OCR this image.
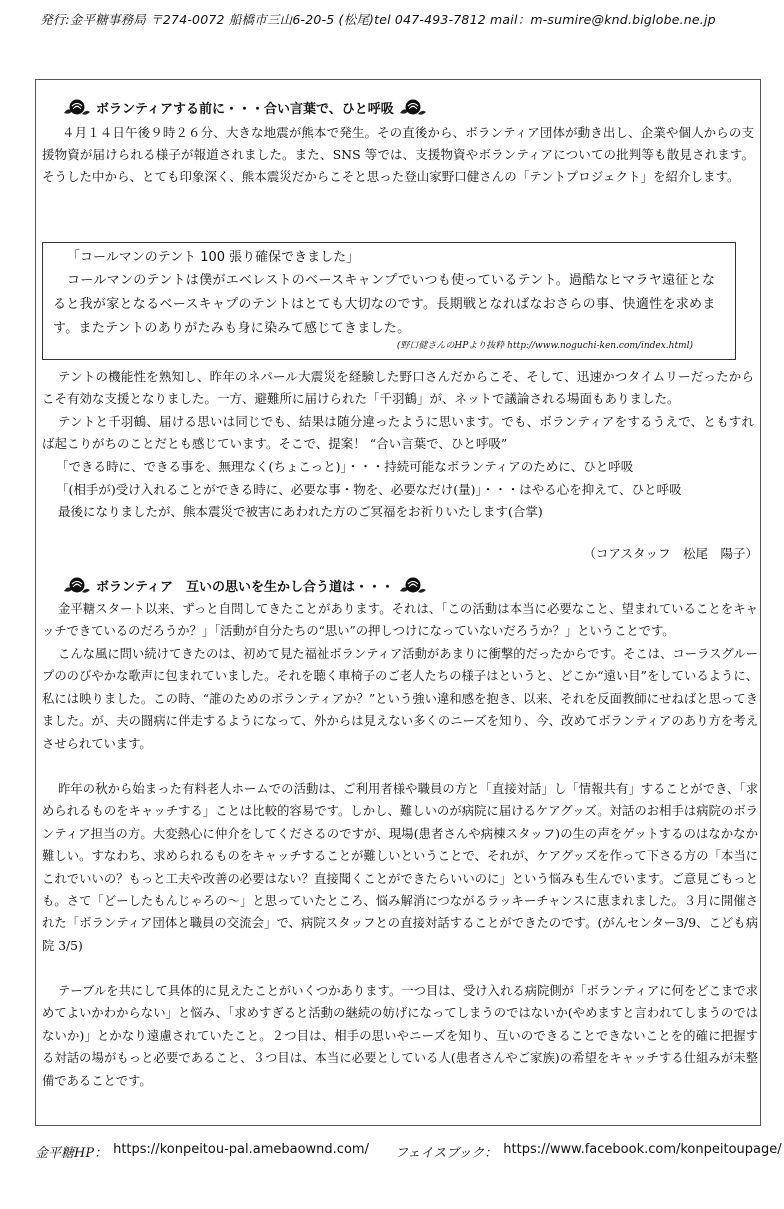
発行:金平糖事務局 〒274-0072 船橋市三山6-20-5 (松尾)tel 047-493-7812 mail：m-sumire@knd.biglobe.ne.jp
ボランティアする前に・・・合い言葉で、ひと呼吸
４月１４日午後９時２６分、大きな地震が熊本で発生。その直後から、ボランティア団体が動き出し、企業や個人からの支援物資が届けられる様子が報道されました。また、SNS 等では、支援物資やボランティアについての批判等も散見されます。そうした中から、とても印象深く、熊本震災だからこそと思った登山家野口健さんの「テントプロジェクト」を紹介します。
「コールマンのテント 100 張り確保できました」
コールマンのテントは僕がエベレストのベースキャンプでいつも使っているテント。過酷なヒマラヤ遠征となると我が家となるベースキャプのテントはとても大切なのです。長期戦となればなおさらの事、快適性を求めます。またテントのありがたみも身に染みて感じてきました。
(野口健さんのHPより抜粋 http://www.noguchi-ken.com/index.html)
テントの機能性を熟知し、昨年のネパール大震災を経験した野口さんだからこそ、そして、迅速かつタイムリーだったからこそ有効な支援となりました。一方、避難所に届けられた「千羽鶴」が、ネットで議論される場面もありました。
テントと千羽鶴、届ける思いは同じでも、結果は随分違ったように思います。でも、ボランティアをするうえで、ともすれば起こりがちのことだとも感じています。そこで、提案！ “合い言葉で、ひと呼吸”
「できる時に、できる事を、無理なく(ちょこっと)」・・・持続可能なボランティアのために、ひと呼吸
「(相手が)受け入れることができる時に、必要な事・物を、必要なだけ(量)」・・・はやる心を抑えて、ひと呼吸
最後になりましたが、熊本震災で被害にあわれた方のご冥福をお祈りいたします(合掌)
（コアスタッフ　松尾　陽子）
ボランティア　互いの思いを生かし合う道は・・・
金平糖スタート以来、ずっと自問してきたことがあります。それは、「この活動は本当に必要なこと、望まれていることをキャッチできているのだろうか？」「活動が自分たちの“思い”の押しつけになっていないだろうか？」ということです。
こんな風に問い続けてきたのは、初めて見た福祉ボランティア活動があまりに衝撃的だったからです。そこは、コーラスグループののびやかな歌声に包まれていました。それを聴く車椅子のご老人たちの様子はというと、どこか“遠い目”をしているように、私には映りました。この時、“誰のためのボランティアか？”という強い違和感を抱き、以来、それを反面教師にせねばと思ってきました。が、夫の闘病に伴走するようになって、外からは見えない多くのニーズを知り、今、改めてボランティアのあり方を考えさせられています。
昨年の秋から始まった有料老人ホームでの活動は、ご利用者様や職員の方と「直接対話」し「情報共有」することができ、「求められるものをキャッチする」ことは比較的容易です。しかし、難しいのが病院に届けるケアグッズ。対話のお相手は病院のボランティア担当の方。大変熱心に仲介をしてくださるのですが、現場(患者さんや病棟スタッフ)の生の声をゲットするのはなかなか難しい。すなわち、求められるものをキャッチすることが難しいということで、それが、ケアグッズを作って下さる方の「本当にこれでいいの？もっと工夫や改善の必要はない？直接聞くことができたらいいのに」という悩みも生んでいます。ご意見ごもっとも。さて「どーしたもんじゃろの～」と思っていたところ、悩み解消につながるラッキーチャンスに恵まれました。３月に開催された「ボランティア団体と職員の交流会」で、病院スタッフとの直接対話することができたのです。(がんセンター3/9、こども病院 3/5)
テーブルを共にして具体的に見えたことがいくつかあります。一つ目は、受け入れる病院側が「ボランティアに何をどこまで求めてよいかわからない」と悩み、「求めすぎると活動の継続の妨げになってしまうのではないか(やめますと言われてしまうのではないか)」とかなり遠慮されていたこと。２つ目は、相手の思いやニーズを知り、互いのできることできないことを的確に把握する対話の場がもっと必要であること、３つ目は、本当に必要としている人(患者さんやご家族)の希望をキャッチする仕組みが未整備であることです。
金平糖HP： https://konpeitou-pal.amebaownd.com/ フェイスブック： https://www.facebook.com/konpeitoupage/
